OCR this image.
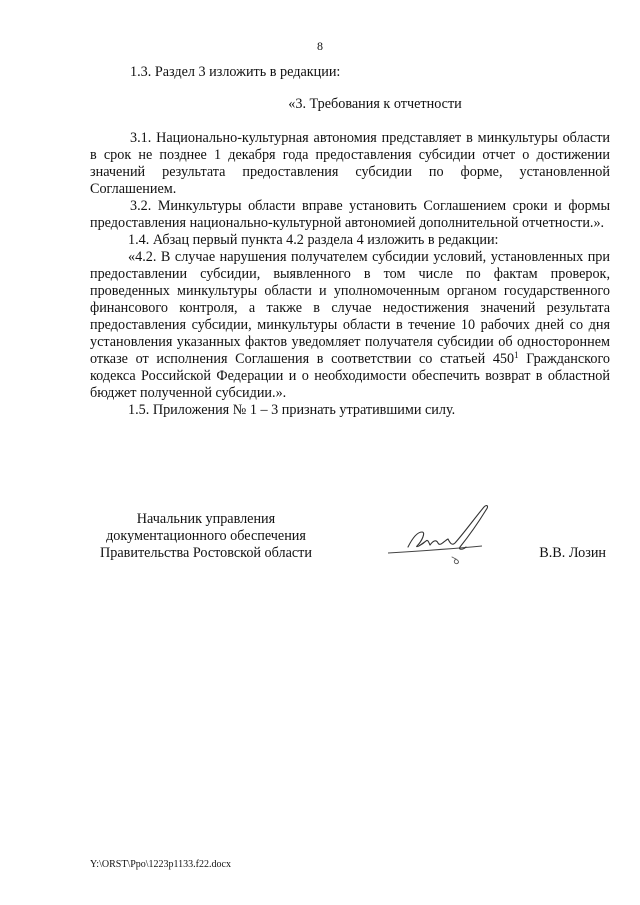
8

1.3. Раздел 3 изложить в редакции:

«3. Требования к отчетности

3.1. Национально-культурная автономия представляет в минкультуры области в срок не позднее 1 декабря года предоставления субсидии отчет о достижении значений результата предоставления субсидии по форме, установленной Соглашением.

3.2. Минкультуры области вправе установить Соглашением сроки и формы предоставления национально-культурной автономией дополнительной отчетности.».

1.4. Абзац первый пункта 4.2 раздела 4 изложить в редакции:

«4.2. В случае нарушения получателем субсидии условий, установленных при предоставлении субсидии, выявленного в том числе по фактам проверок, проведенных минкультуры области и уполномоченным органом государственного финансового контроля, а также в случае недостижения значений результата предоставления субсидии, минкультуры области в течение 10 рабочих дней со дня установления указанных фактов уведомляет получателя субсидии об одностороннем отказе от исполнения Соглашения в соответствии со статьей $450^1$ Гражданского кодекса Российской Федерации и о необходимости обеспечить возврат в областной бюджет полученной субсидии.».

1.5. Приложения № 1 – 3 признать утратившими силу.

Начальник управления
документационного обеспечения
Правительства Ростовской области	В.В. Лозин
Y:\ORST\Ppo\1223p1133.f22.docx
